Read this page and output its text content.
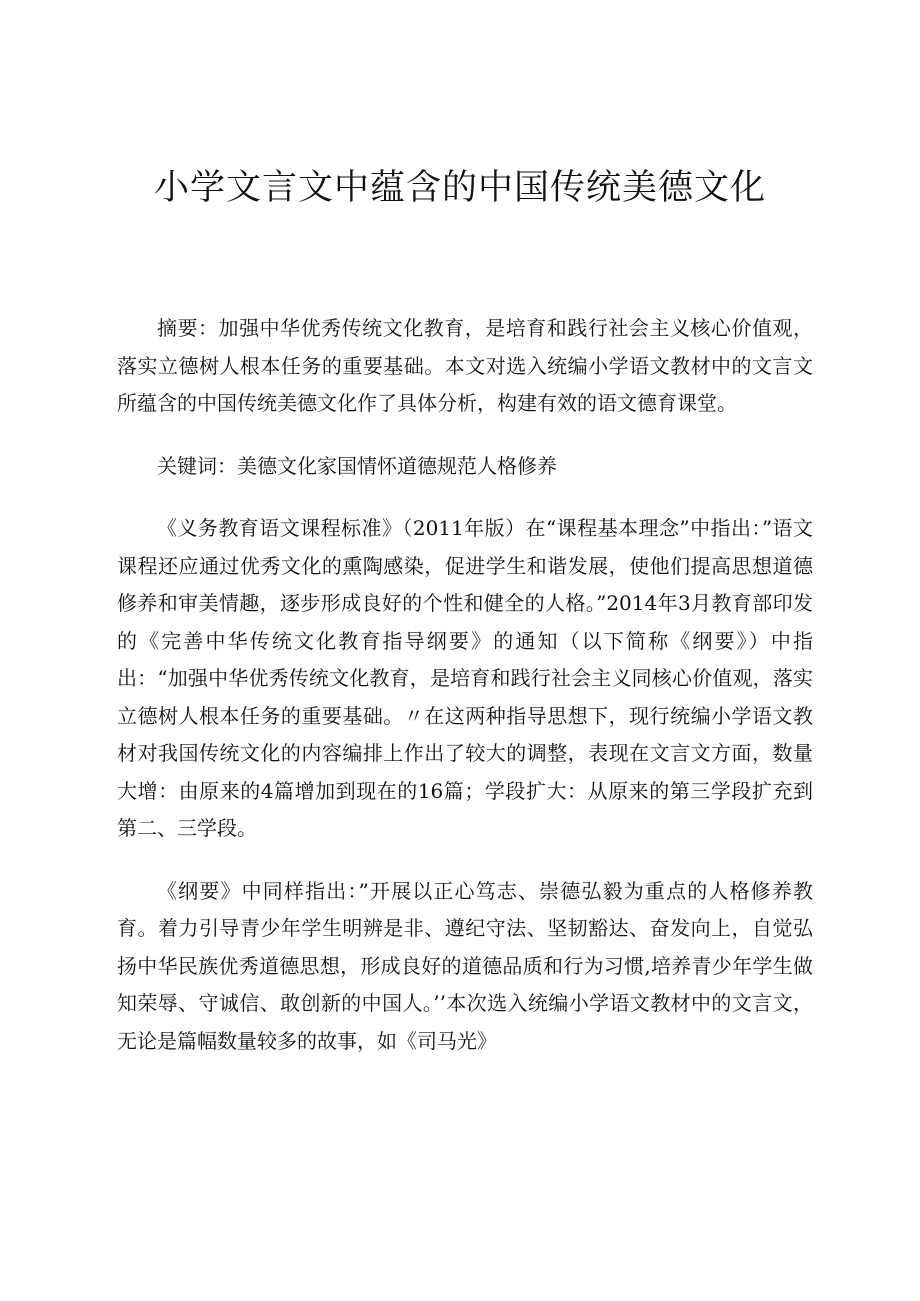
小学文言文中蕴含的中国传统美德文化

摘要：加强中华优秀传统文化教育，是培育和践行社会主义核心价值观，落实立德树人根本任务的重要基础。本文对选入统编小学语文教材中的文言文所蕴含的中国传统美德文化作了具体分析，构建有效的语文德育课堂。

关键词：美德文化家国情怀道德规范人格修养

《义务教育语文课程标准》（2011年版）在“课程基本理念”中指出：”语文课程还应通过优秀文化的熏陶感染，促进学生和谐发展，使他们提高思想道德修养和审美情趣，逐步形成良好的个性和健全的人格。”2014年3月教育部印发的《完善中华传统文化教育指导纲要》的通知（以下简称《纲要》）中指出：“加强中华优秀传统文化教育，是培育和践行社会主义同核心价值观，落实立德树人根本任务的重要基础。〃在这两种指导思想下，现行统编小学语文教材对我国传统文化的内容编排上作出了较大的调整，表现在文言文方面，数量大增：由原来的4篇增加到现在的16篇；学段扩大：从原来的第三学段扩充到第二、三学段。

《纲要》中同样指出：”开展以正心笃志、崇德弘毅为重点的人格修养教育。着力引导青少年学生明辨是非、遵纪守法、坚韧豁达、奋发向上，自觉弘扬中华民族优秀道德思想，形成良好的道德品质和行为习惯,培养青少年学生做知荣辱、守诚信、敢创新的中国人。’’本次选入统编小学语文教材中的文言文，无论是篇幅数量较多的故事，如《司马光》
